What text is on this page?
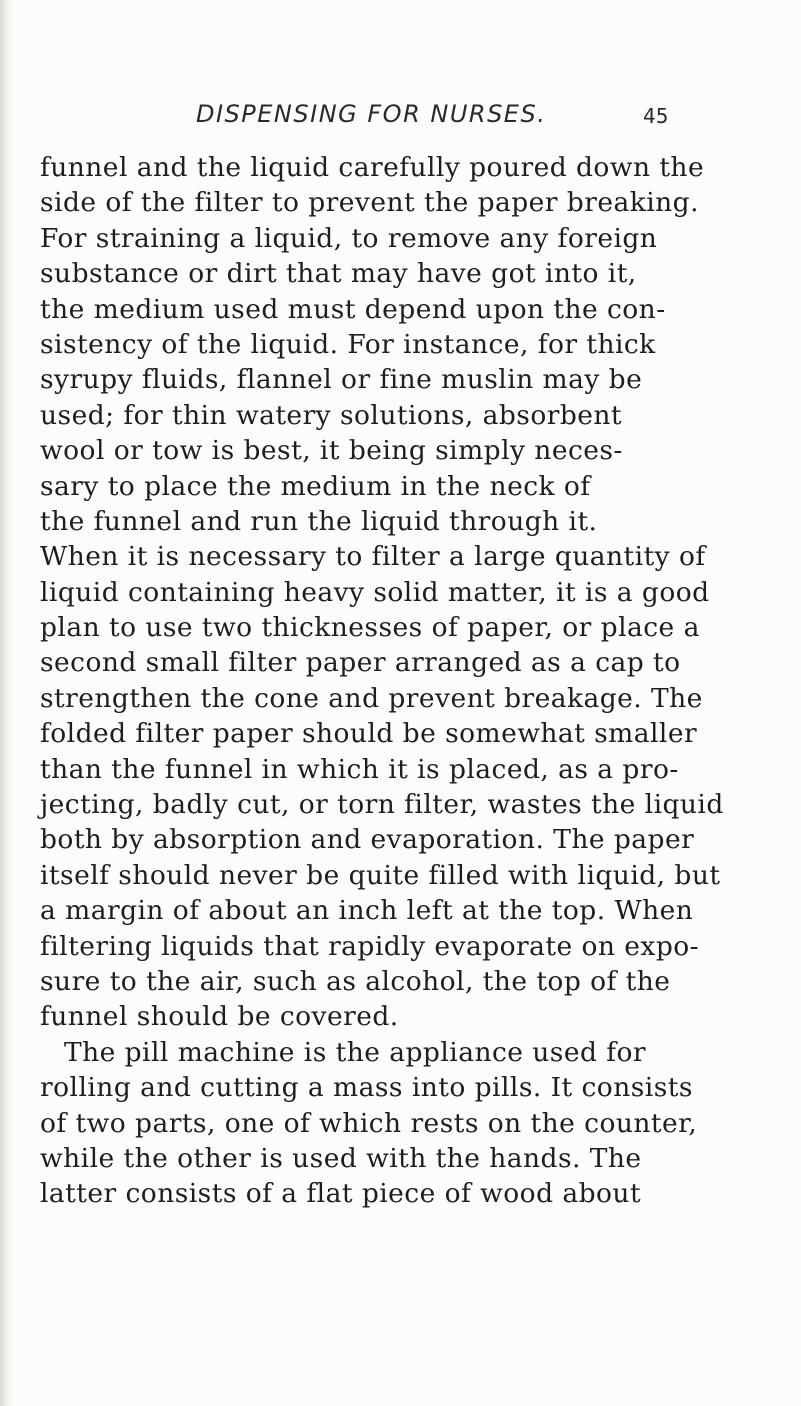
DISPENSING FOR NURSES.	45
funnel and the liquid carefully poured down the
side of the filter to prevent the paper breaking.
For straining a liquid, to remove any foreign
substance or dirt that may have got into it,
the medium used must depend upon the con-
sistency of the liquid. For instance, for thick
syrupy fluids, flannel or fine muslin may be
used; for thin watery solutions, absorbent
wool or tow is best, it being simply neces-
sary to place the medium in the neck of
the funnel and run the liquid through it.
When it is necessary to filter a large quantity of
liquid containing heavy solid matter, it is a good
plan to use two thicknesses of paper, or place a
second small filter paper arranged as a cap to
strengthen the cone and prevent breakage. The
folded filter paper should be somewhat smaller
than the funnel in which it is placed, as a pro-
jecting, badly cut, or torn filter, wastes the liquid
both by absorption and evaporation. The paper
itself should never be quite filled with liquid, but
a margin of about an inch left at the top. When
filtering liquids that rapidly evaporate on expo-
sure to the air, such as alcohol, the top of the
funnel should be covered.
The pill machine is the appliance used for
rolling and cutting a mass into pills. It consists
of two parts, one of which rests on the counter,
while the other is used with the hands. The
latter consists of a flat piece of wood about
